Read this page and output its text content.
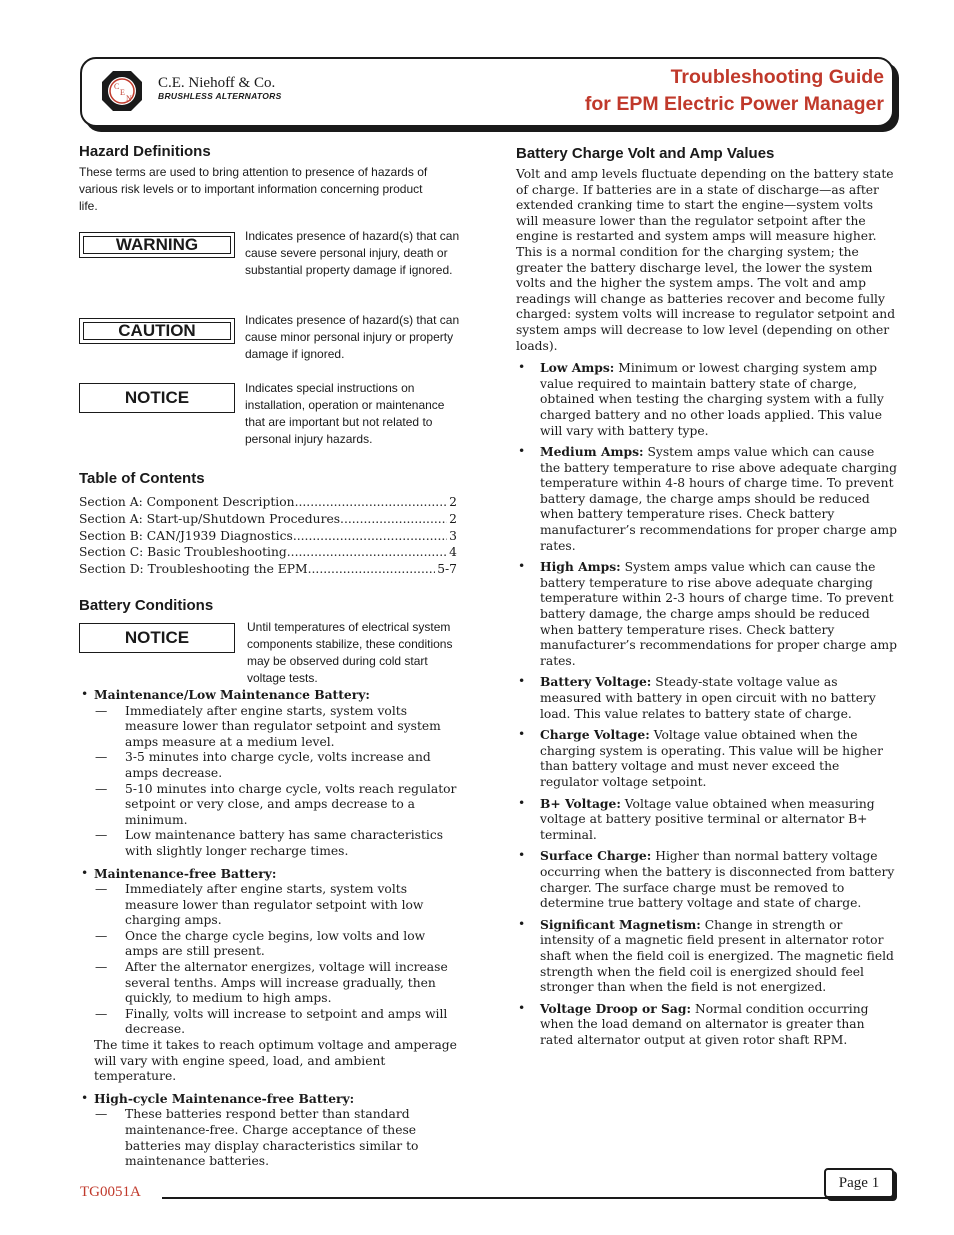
C
E
N
C.E. Niehoff & Co.
BRUSHLESS ALTERNATORS
Troubleshooting Guide
for EPM Electric Power Manager
Hazard Definitions
These terms are used to bring attention to presence of hazards of various risk levels or to important information concerning product life.
WARNING	Indicates presence of hazard(s) that can cause severe personal injury, death or substantial property damage if ignored.
CAUTION
Indicates presence of hazard(s) that can cause minor personal injury or property damage if ignored.
NOTICE	Indicates special instructions on installation, operation or maintenance that are important but not related to personal injury hazards.
Table of Contents
Section A: Component Description .....	2
Section A: Start-up/Shutdown Procedures .....	2
Section B: CAN/J1939 Diagnostics .....	3
Section C: Basic Troubleshooting .....	4
Section D: Troubleshooting the EPM .....	5-7
Battery Conditions
NOTICE
Until temperatures of electrical system components stabilize, these conditions may be observed during cold start voltage tests.
• Maintenance/Low Maintenance Battery:
— Immediately after engine starts, system volts measure lower than regulator setpoint and system amps measure at a medium level.
— 3-5 minutes into charge cycle, volts increase and amps decrease.
— 5-10 minutes into charge cycle, volts reach regulator setpoint or very close, and amps decrease to a minimum.
— Low maintenance battery has same characteristics with slightly longer recharge times.
• Maintenance-free Battery:
— Immediately after engine starts, system volts measure lower than regulator setpoint with low charging amps.
— Once the charge cycle begins, low volts and low amps are still present.
— After the alternator energizes, voltage will increase several tenths. Amps will increase gradually, then quickly, to medium to high amps.
— Finally, volts will increase to setpoint and amps will decrease.
The time it takes to reach optimum voltage and amperage will vary with engine speed, load, and ambient temperature.
• High-cycle Maintenance-free Battery:
— These batteries respond better than standard maintenance-free. Charge acceptance of these batteries may display characteristics similar to maintenance batteries.
Battery Charge Volt and Amp Values
Volt and amp levels fluctuate depending on the battery state of charge. If batteries are in a state of discharge—as after extended cranking time to start the engine—system volts will measure lower than the regulator setpoint after the engine is restarted and system amps will measure higher. This is a normal condition for the charging system; the greater the battery discharge level, the lower the system volts and the higher the system amps. The volt and amp readings will change as batteries recover and become fully charged: system volts will increase to regulator setpoint and system amps will decrease to low level (depending on other loads).
• Low Amps: Minimum or lowest charging system amp value required to maintain battery state of charge, obtained when testing the charging system with a fully charged battery and no other loads applied. This value will vary with battery type.
• Medium Amps: System amps value which can cause the battery temperature to rise above adequate charging temperature within 4-8 hours of charge time. To prevent battery damage, the charge amps should be reduced when battery temperature rises. Check battery manufacturer’s recommendations for proper charge amp rates.
• High Amps: System amps value which can cause the battery temperature to rise above adequate charging temperature within 2-3 hours of charge time. To prevent battery damage, the charge amps should be reduced when battery temperature rises. Check battery manufacturer’s recommendations for proper charge amp rates.
• Battery Voltage: Steady-state voltage value as measured with battery in open circuit with no battery load. This value relates to battery state of charge.
• Charge Voltage: Voltage value obtained when the charging system is operating. This value will be higher than battery voltage and must never exceed the regulator voltage setpoint.
• B+ Voltage: Voltage value obtained when measuring voltage at battery positive terminal or alternator B+ terminal.
• Surface Charge: Higher than normal battery voltage occurring when the battery is disconnected from battery charger. The surface charge must be removed to determine true battery voltage and state of charge.
• Significant Magnetism: Change in strength or intensity of a magnetic field present in alternator rotor shaft when the field coil is energized. The magnetic field strength when the field coil is energized should feel stronger than when the field is not energized.
• Voltage Droop or Sag: Normal condition occurring when the load demand on alternator is greater than rated alternator output at given rotor shaft RPM.
TG0051A
Page 1
